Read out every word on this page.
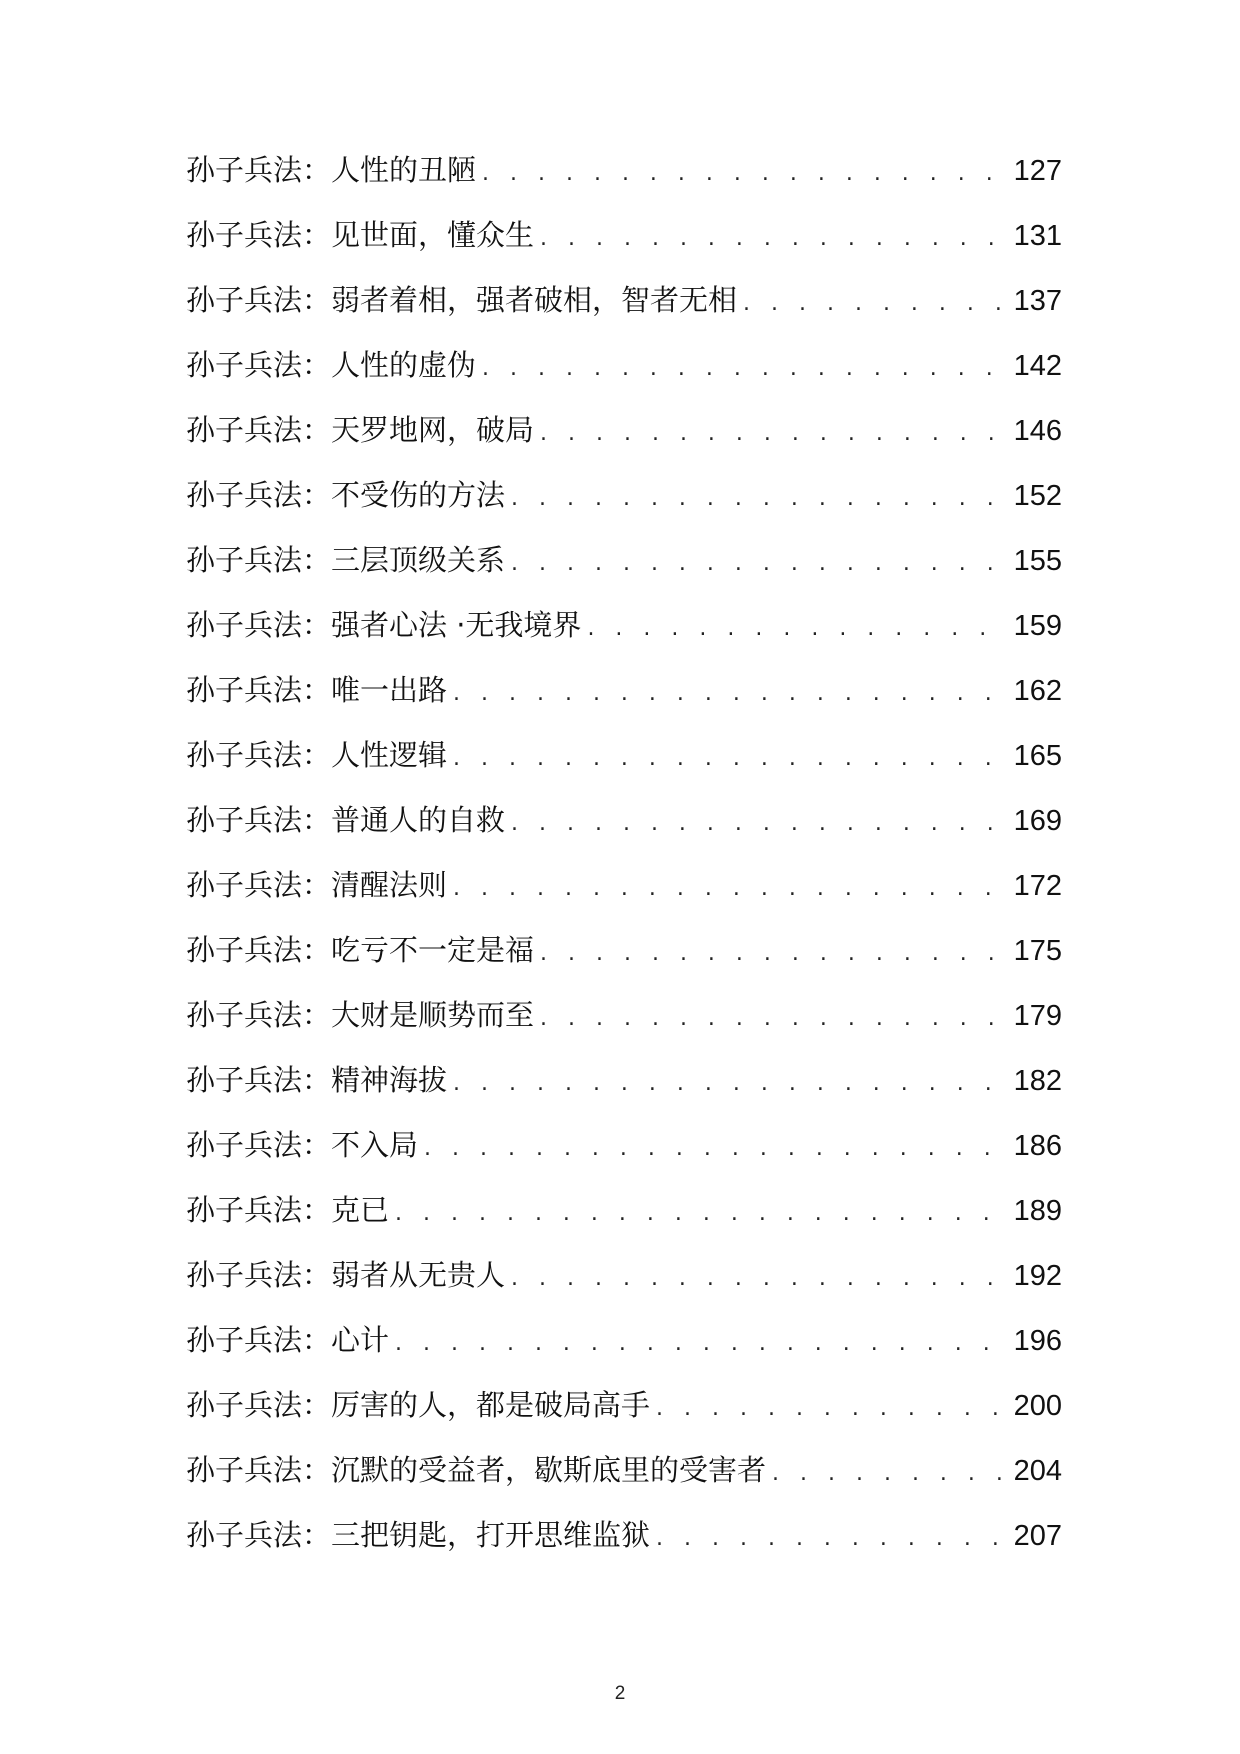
孙子兵法：人性的丑陋 . . .	127
孙子兵法：见世面，懂众生 . . .	131
孙子兵法：弱者着相，强者破相，智者无相 . . .	137
孙子兵法：人性的虚伪 . . .	142
孙子兵法：天罗地网，破局 . . .	146
孙子兵法：不受伤的方法 . . .	152
孙子兵法：三层顶级关系 . . .	155
孙子兵法：强者心法 ·无我境界 . . .	159
孙子兵法：唯一出路 . . .	162
孙子兵法：人性逻辑 . . .	165
孙子兵法：普通人的自救 . . .	169
孙子兵法：清醒法则 . . .	172
孙子兵法：吃亏不一定是福 . . .	175
孙子兵法：大财是顺势而至 . . .	179
孙子兵法：精神海拔 . . .	182
孙子兵法：不入局 . . .	186
孙子兵法：克已 . . .	189
孙子兵法：弱者从无贵人 . . .	192
孙子兵法：心计 . . .	196
孙子兵法：厉害的人，都是破局高手 . . .	200
孙子兵法：沉默的受益者，歇斯底里的受害者 . . .	204
孙子兵法：三把钥匙，打开思维监狱 . . .	207
2
